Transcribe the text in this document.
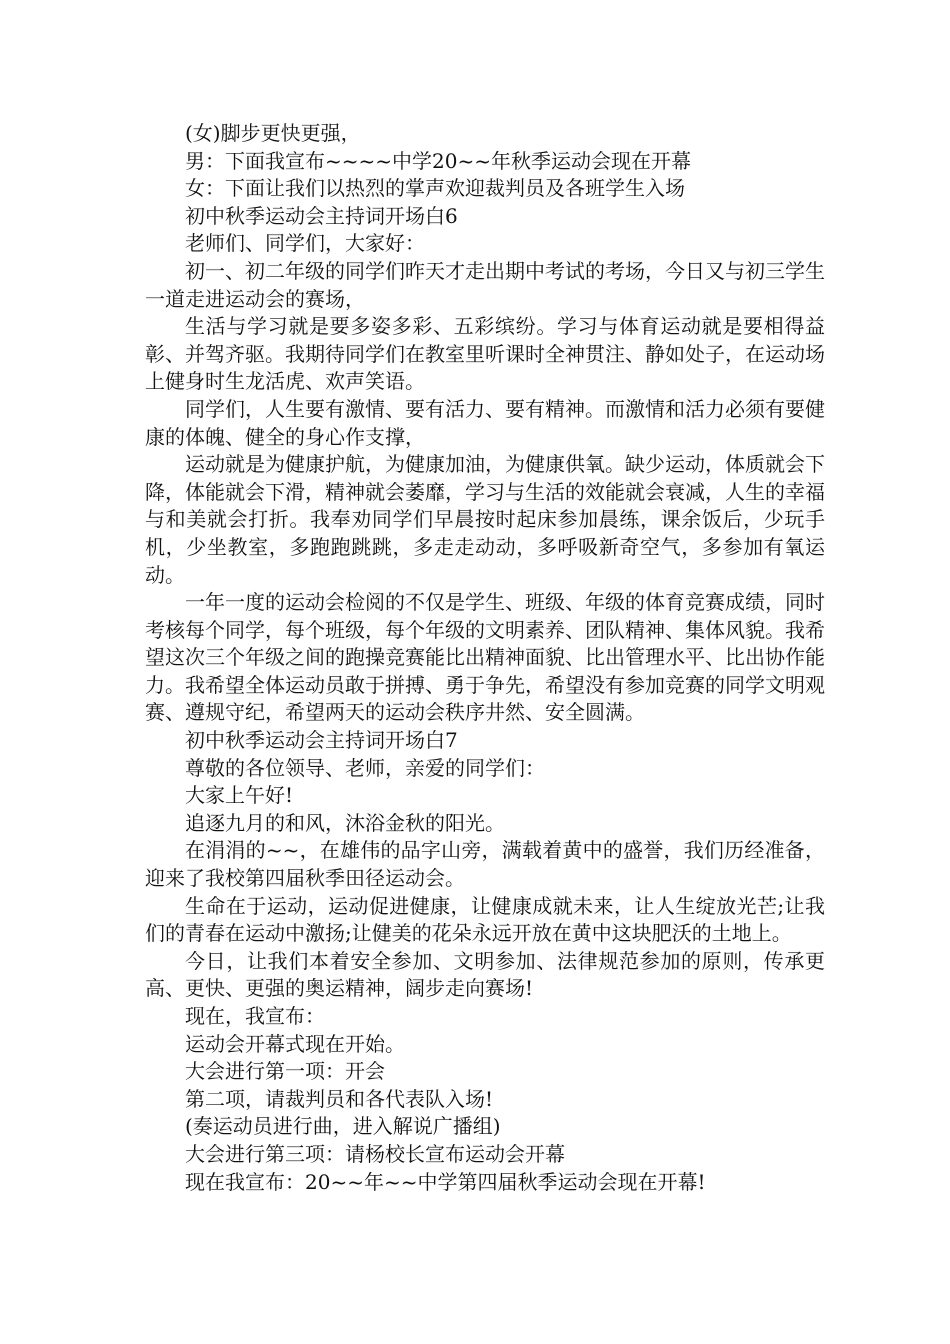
(女)脚步更快更强，

男：下面我宣布~~~~中学20~~年秋季运动会现在开幕

女：下面让我们以热烈的掌声欢迎裁判员及各班学生入场

初中秋季运动会主持词开场白6

老师们、同学们，大家好：

初一、初二年级的同学们昨天才走出期中考试的考场，今日又与初三学生一道走进运动会的赛场，

生活与学习就是要多姿多彩、五彩缤纷。学习与体育运动就是要相得益彰、并驾齐驱。我期待同学们在教室里听课时全神贯注、静如处子，在运动场上健身时生龙活虎、欢声笑语。

同学们，人生要有激情、要有活力、要有精神。而激情和活力必须有要健康的体魄、健全的身心作支撑，

运动就是为健康护航，为健康加油，为健康供氧。缺少运动，体质就会下降，体能就会下滑，精神就会萎靡，学习与生活的效能就会衰减，人生的幸福与和美就会打折。我奉劝同学们早晨按时起床参加晨练，课余饭后，少玩手机，少坐教室，多跑跑跳跳，多走走动动，多呼吸新奇空气，多参加有氧运动。

一年一度的运动会检阅的不仅是学生、班级、年级的体育竞赛成绩，同时考核每个同学，每个班级，每个年级的文明素养、团队精神、集体风貌。我希望这次三个年级之间的跑操竞赛能比出精神面貌、比出管理水平、比出协作能力。我希望全体运动员敢于拼搏、勇于争先，希望没有参加竞赛的同学文明观赛、遵规守纪，希望两天的运动会秩序井然、安全圆满。

初中秋季运动会主持词开场白7

尊敬的各位领导、老师，亲爱的同学们：

大家上午好!

追逐九月的和风，沐浴金秋的阳光。

在涓涓的~~，在雄伟的品字山旁，满载着黄中的盛誉，我们历经准备，迎来了我校第四届秋季田径运动会。

生命在于运动，运动促进健康，让健康成就未来，让人生绽放光芒;让我们的青春在运动中激扬;让健美的花朵永远开放在黄中这块肥沃的土地上。

今日，让我们本着安全参加、文明参加、法律规范参加的原则，传承更高、更快、更强的奥运精神，阔步走向赛场!

现在，我宣布：

运动会开幕式现在开始。

大会进行第一项：开会

第二项，请裁判员和各代表队入场!

(奏运动员进行曲，进入解说广播组)

大会进行第三项：请杨校长宣布运动会开幕

现在我宣布：20~~年~~中学第四届秋季运动会现在开幕!
